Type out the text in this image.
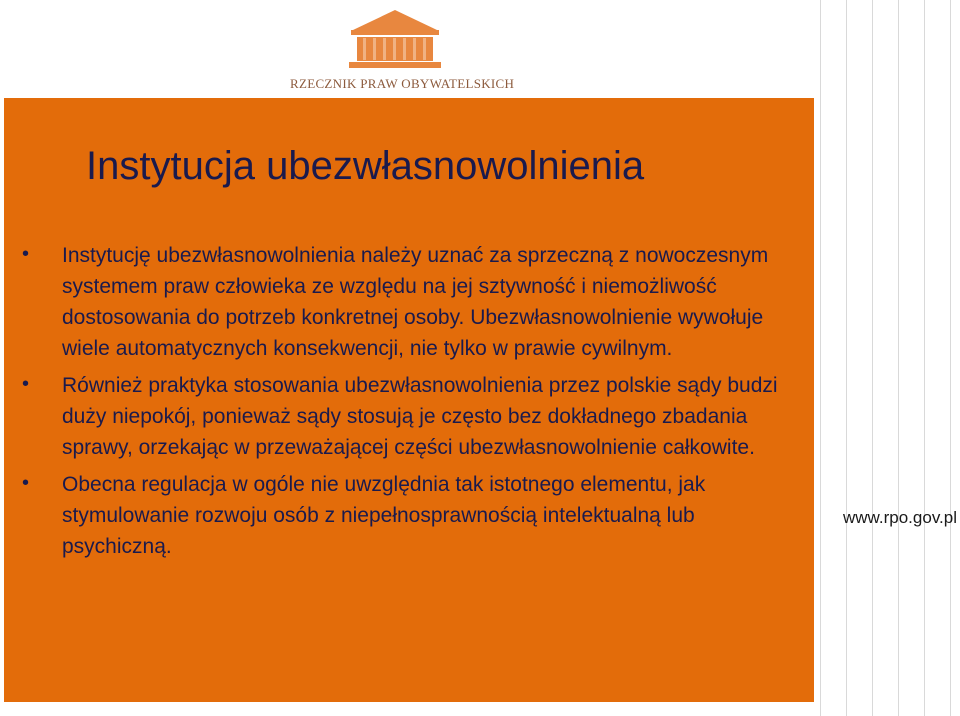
RZECZNIK PRAW OBYWATELSKICH
Instytucja ubezwłasnowolnienia
• Instytucję ubezwłasnowolnienia należy uznać za sprzeczną z nowoczesnym systemem praw człowieka ze względu na jej sztywność i niemożliwość dostosowania do potrzeb konkretnej osoby. Ubezwłasnowolnienie wywołuje wiele automatycznych konsekwencji, nie tylko w prawie cywilnym.
• Również praktyka stosowania ubezwłasnowolnienia przez polskie sądy budzi duży niepokój, ponieważ sądy stosują je często bez dokładnego zbadania sprawy, orzekając w przeważającej części ubezwłasnowolnienie całkowite.
• Obecna regulacja w ogóle nie uwzględnia tak istotnego elementu, jak stymulowanie rozwoju osób z niepełnosprawnością intelektualną lub psychiczną.
www.rpo.gov.pl
